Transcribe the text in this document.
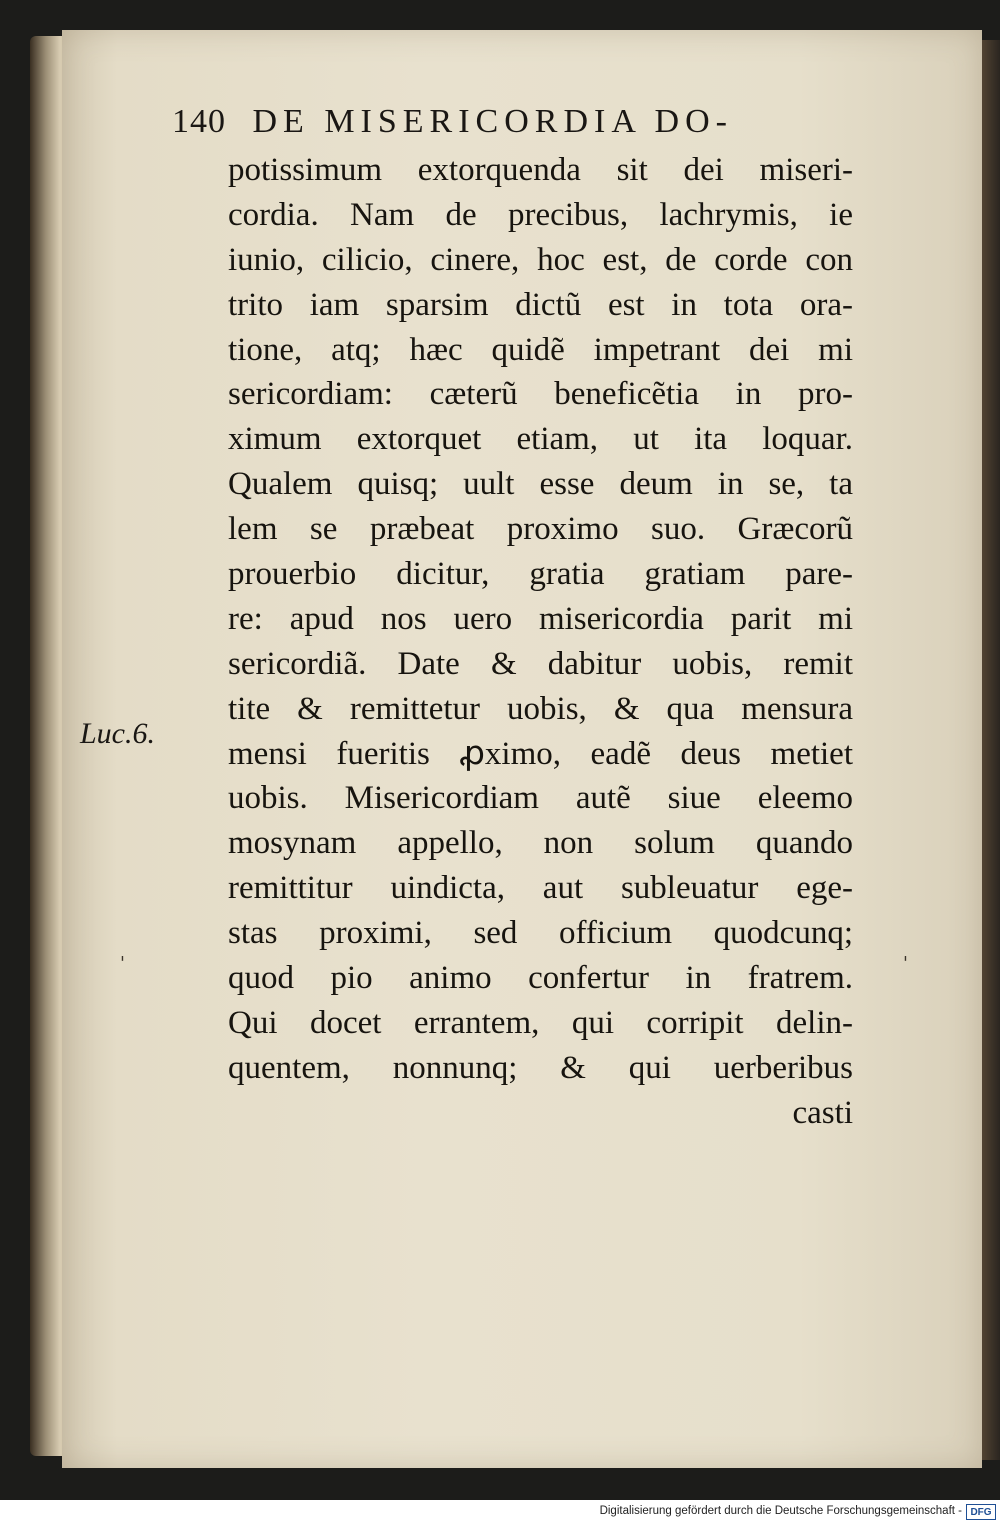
140 DE MISERICORDIA DO-
Luc.6.
'	'
potissimum extorquenda sit dei miseri-
cordia. Nam de precibus, lachrymis, ie
iunio, cilicio, cinere, hoc est, de corde con
trito iam sparsim dictũ est in tota ora-
tione, atq; hæc quidẽ impetrant dei mi
sericordiam: cæterũ beneficẽtia in pro-
ximum extorquet etiam, ut ita loquar.
Qualem quisq; uult esse deum in se, ta
lem se præbeat proximo suo. Græcorũ
prouerbio dicitur, gratia gratiam pare-
re: apud nos uero misericordia parit mi
sericordiã. Date & dabitur uobis, remit
tite & remittetur uobis, & qua mensura
mensi fueritis ꝓximo, eadẽ deus metiet
uobis. Misericordiam autẽ siue eleemo
mosynam appello, non solum quando
remittitur uindicta, aut subleuatur ege-
stas proximi, sed officium quodcunq;
quod pio animo confertur in fratrem.
Qui docet errantem, qui corripit delin-
quentem, nonnunq; & qui uerberibus
casti
Digitalisierung gefördert durch die Deutsche Forschungsgemeinschaft - DFG
